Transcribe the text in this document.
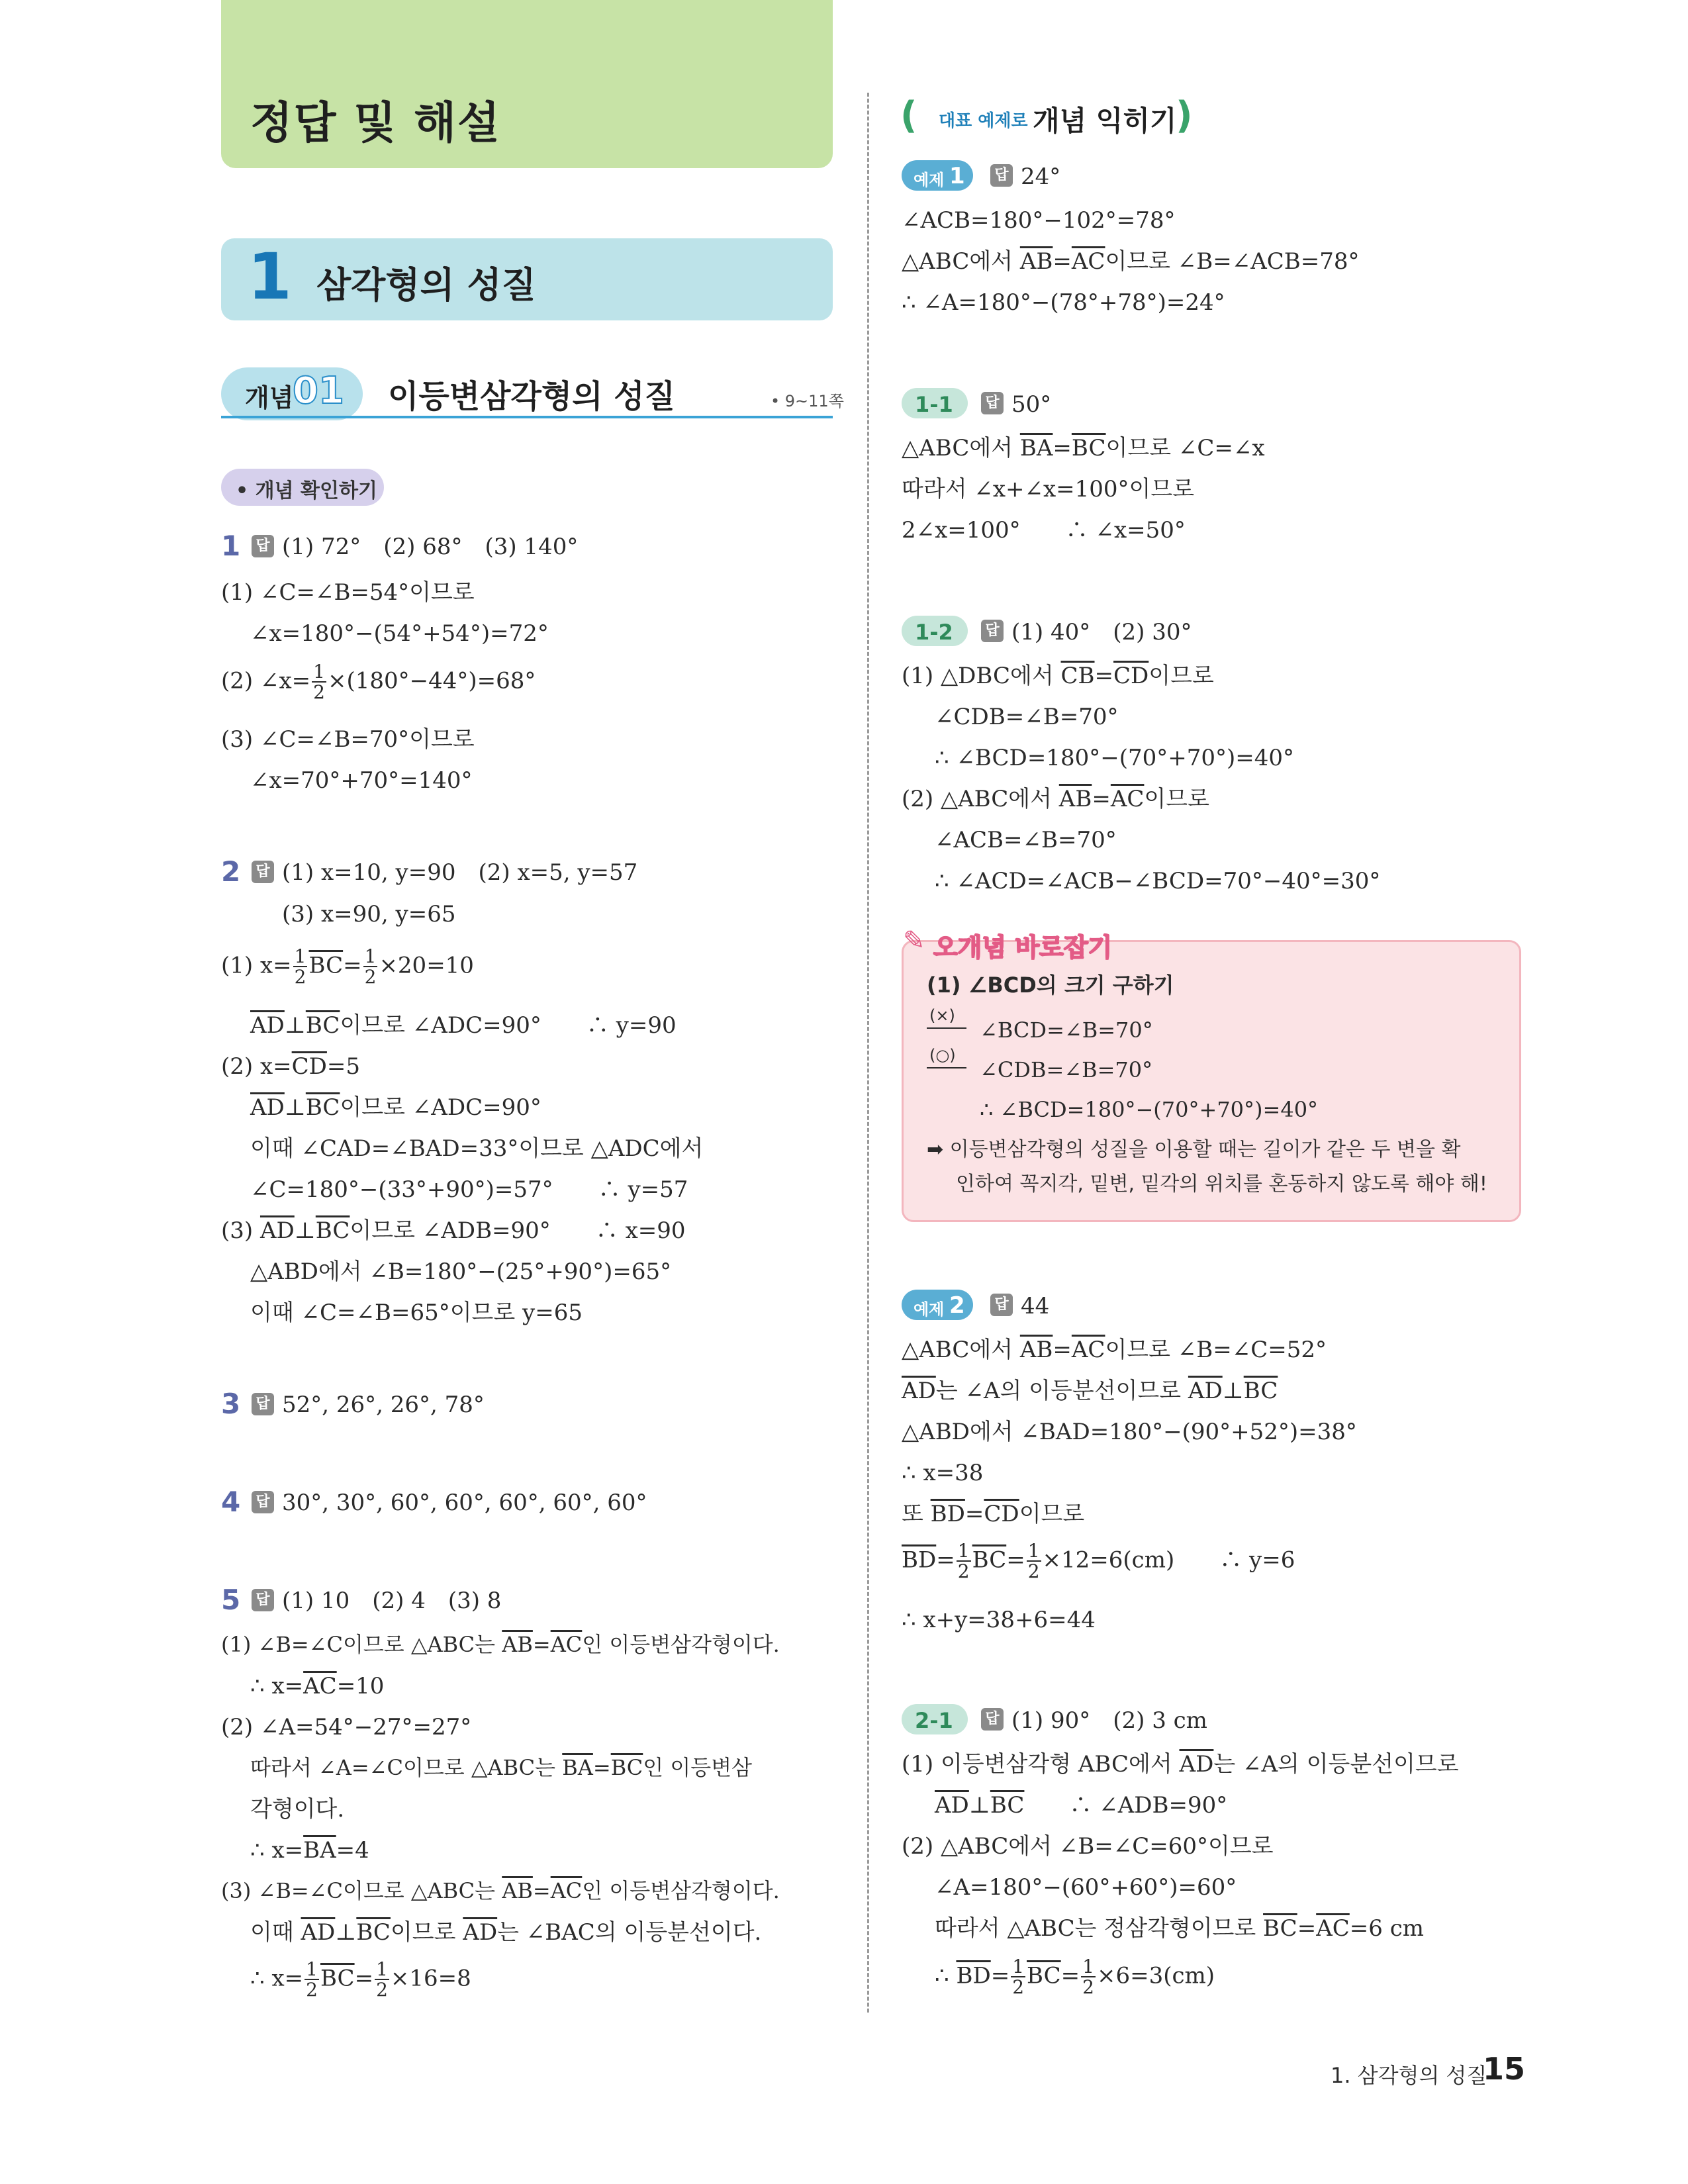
정답 및 해설
1 삼각형의 성질
개념
01 이등변삼각형의 성질	• 9~11쪽
• 개념 확인하기
1 답 (1) 72°　(2) 68°　(3) 140°
(1) ∠C=∠B=54°이므로
∠x=180°−(54°+54°)=72°
(2) ∠x= $\frac{1}{2} \times(180^\circ-44^\circ)=68^\circ$
(3) ∠C=∠B=70°이므로
∠x=70°+70°=140°
2 답 (1) x=10, y=90　(2) x=5, y=57
(3) x=90, y=65
(1) $x= \frac{1}{2} \overline{BC}= \frac{1}{2} \times 20=10$
$\overline{AD}\perp\overline{BC}$이므로 ∠ADC=90°　　∴ y=90
(2) $x=\overline{CD}=5$
$\overline{AD}\perp\overline{BC}$이므로 ∠ADC=90°
이때 ∠CAD=∠BAD=33°이므로 △ADC에서
∠C=180°−(33°+90°)=57°　　∴ y=57
(3) $\overline{AD}\perp\overline{BC}$이므로 ∠ADB=90°　　∴ x=90
△ABD에서 ∠B=180°−(25°+90°)=65°
이때 ∠C=∠B=65°이므로 y=65
3 답 52°, 26°, 26°, 78°
4 답 30°, 30°, 60°, 60°, 60°, 60°, 60°
5 답 (1) 10　(2) 4　(3) 8
(1) ∠B=∠C이므로 △ABC는 $\overline{AB}=\overline{AC}$인 이등변삼각형이다.
∴ $x=\overline{AC}=10$
(2) ∠A=54°−27°=27°
따라서 ∠A=∠C이므로 △ABC는 $\overline{BA}=\overline{BC}$인 이등변삼
각형이다.
∴ $x=\overline{BA}=4$
(3) ∠B=∠C이므로 △ABC는 $\overline{AB}=\overline{AC}$인 이등변삼각형이다.
이때 $\overline{AD}\perp\overline{BC}$이므로 $\overline{AD}$는 ∠BAC의 이등분선이다.
∴ $x= \frac{1}{2} \overline{BC}= \frac{1}{2} \times 16=8$
( 대표 예제로 개념 익히기
)
예제 1 답 24°
∠ACB=180°−102°=78°
△ABC에서 $\overline{AB}=\overline{AC}$이므로 ∠B=∠ACB=78°
∴ ∠A=180°−(78°+78°)=24°
1-1 답 50°
△ABC에서 $\overline{BA}=\overline{BC}$이므로 ∠C=∠x
따라서 ∠x+∠x=100°이므로
2∠x=100°　　∴ ∠x=50°
1-2 답 (1) 40°　(2) 30°
(1) △DBC에서 $\overline{CB}=\overline{CD}$이므로
∠CDB=∠B=70°
∴ ∠BCD=180°−(70°+70°)=40°
(2) △ABC에서 $\overline{AB}=\overline{AC}$이므로
∠ACB=∠B=70°
∴ ∠ACD=∠ACB−∠BCD=70°−40°=30°
✎ 오개념 바로잡기
(1) ∠BCD의 크기 구하기
(×)
∠BCD=∠B=70°
(○)
∠CDB=∠B=70°
∴ ∠BCD=180°−(70°+70°)=40°
➡ 이등변삼각형의 성질을 이용할 때는 길이가 같은 두 변을 확
인하여 꼭지각, 밑변, 밑각의 위치를 혼동하지 않도록 해야 해!
예제 2 답 44
△ABC에서 $\overline{AB}=\overline{AC}$이므로 ∠B=∠C=52°
$\overline{AD}$는 ∠A의 이등분선이므로 $\overline{AD}\perp\overline{BC}$
△ABD에서 ∠BAD=180°−(90°+52°)=38°
∴ x=38
또 $\overline{BD}=\overline{CD}$이므로
$\overline{BD}= \frac{1}{2} \overline{BC}= \frac{1}{2} \times 12=6(cm)$　　∴ y=6
∴ x+y=38+6=44
2-1 답 (1) 90°　(2) 3 cm
(1) 이등변삼각형 ABC에서 $\overline{AD}$는 ∠A의 이등분선이므로
$\overline{AD}\perp\overline{BC}$　　∴ ∠ADB=90°
(2) △ABC에서 ∠B=∠C=60°이므로
∠A=180°−(60°+60°)=60°
따라서 △ABC는 정삼각형이므로 $\overline{BC}=\overline{AC}=6$ cm
∴ $\overline{BD}= \frac{1}{2} \overline{BC}= \frac{1}{2} \times 6=3(cm)$
1. 삼각형의 성질
15
